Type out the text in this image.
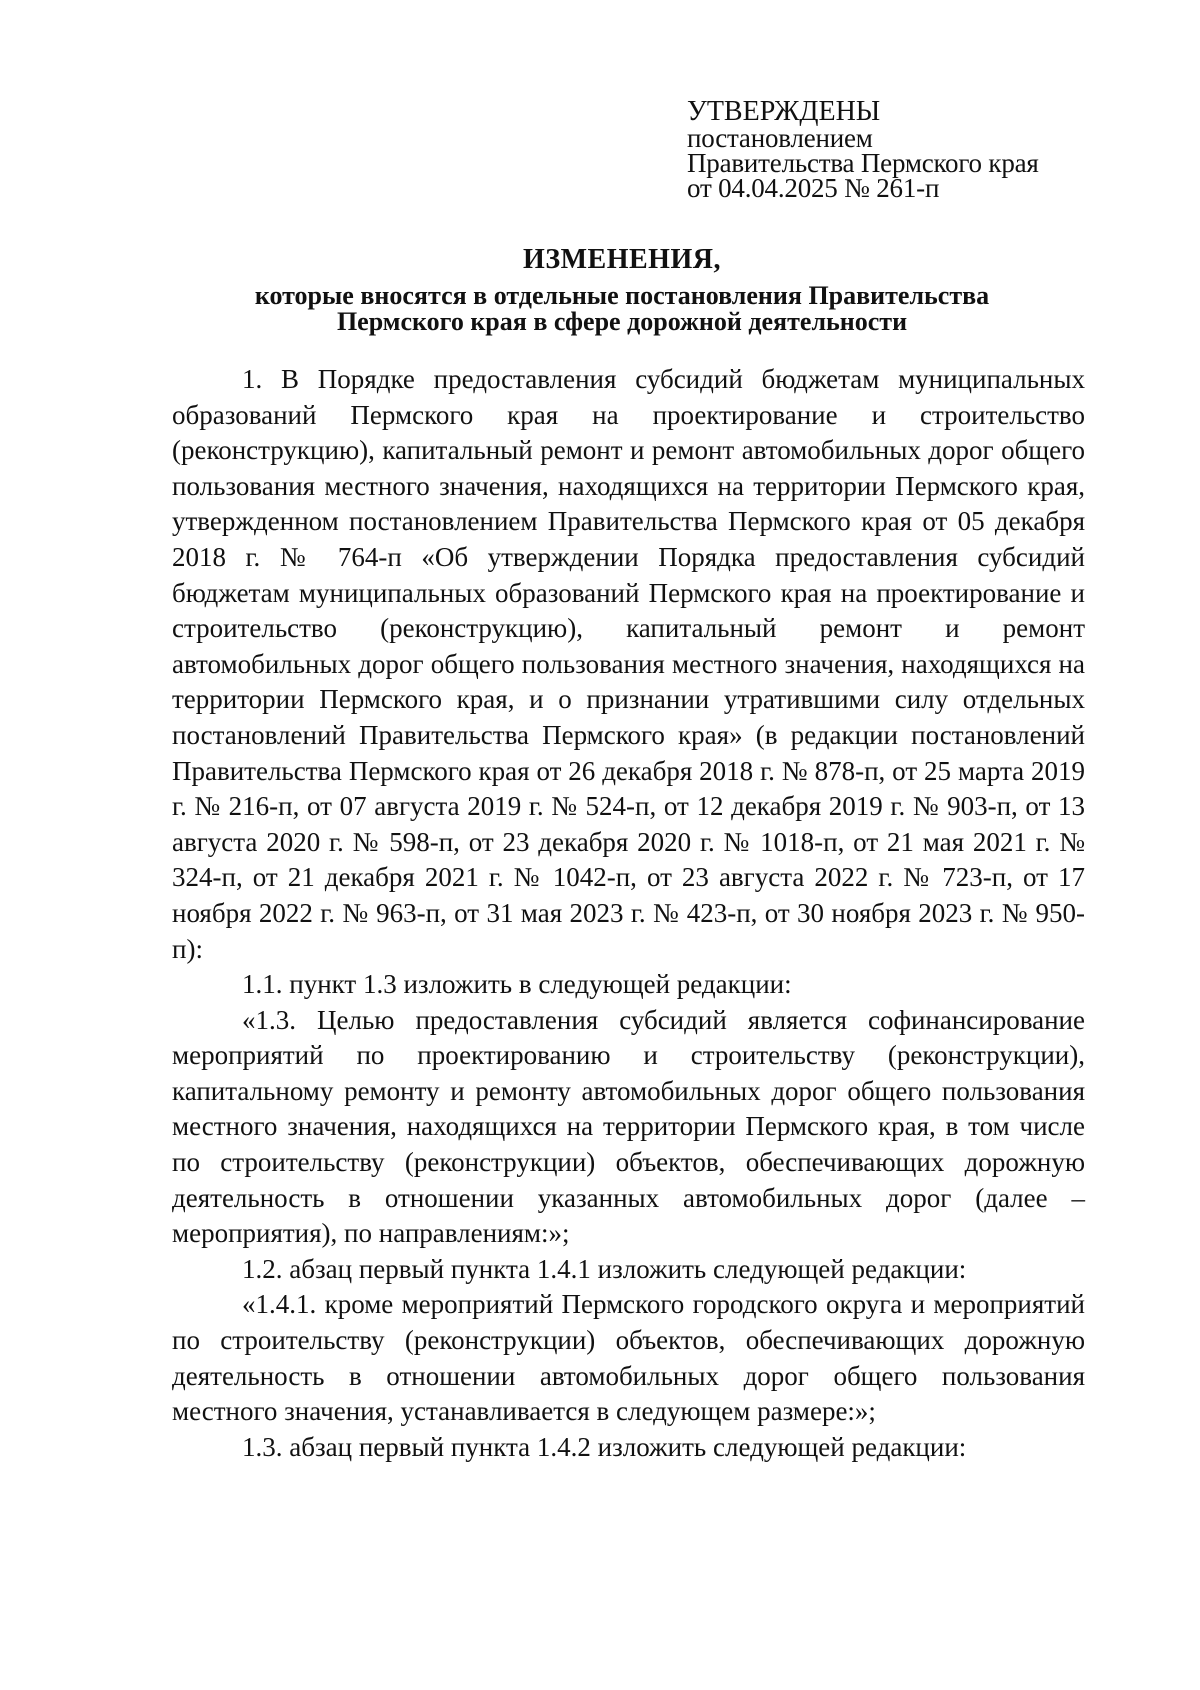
УТВЕРЖДЕНЫ
постановлением
Правительства Пермского края
от 04.04.2025 № 261-п
ИЗМЕНЕНИЯ,
которые вносятся в отдельные постановления Правительства
Пермского края в сфере дорожной деятельности

1. В Порядке предоставления субсидий бюджетам муниципальных образований Пермского края на проектирование и строительство (реконструкцию), капитальный ремонт и ремонт автомобильных дорог общего пользования местного значения, находящихся на территории Пермского края, утвержденном постановлением Правительства Пермского края от 05 декабря 2018 г. № 764-п «Об утверждении Порядка предоставления субсидий бюджетам муниципальных образований Пермского края на проектирование и строительство (реконструкцию), капитальный ремонт и ремонт автомобильных дорог общего пользования местного значения, находящихся на территории Пермского края, и о признании утратившими силу отдельных постановлений Правительства Пермского края» (в редакции постановлений Правительства Пермского края от 26 декабря 2018 г. № 878-п, от 25 марта 2019 г. № 216-п, от 07 августа 2019 г. № 524-п, от 12 декабря 2019 г. № 903-п, от 13 августа 2020 г. № 598-п, от 23 декабря 2020 г. № 1018-п, от 21 мая 2021 г. № 324-п, от 21 декабря 2021 г. № 1042-п, от 23 августа 2022 г. № 723-п, от 17 ноября 2022 г. № 963-п, от 31 мая 2023 г. № 423-п, от 30 ноября 2023 г. № 950-п):

1.1. пункт 1.3 изложить в следующей редакции:

«1.3. Целью предоставления субсидий является софинансирование мероприятий по проектированию и строительству (реконструкции), капитальному ремонту и ремонту автомобильных дорог общего пользования местного значения, находящихся на территории Пермского края, в том числе по строительству (реконструкции) объектов, обеспечивающих дорожную деятельность в отношении указанных автомобильных дорог (далее – мероприятия), по направлениям:»;

1.2. абзац первый пункта 1.4.1 изложить следующей редакции:

«1.4.1. кроме мероприятий Пермского городского округа и мероприятий по строительству (реконструкции) объектов, обеспечивающих дорожную деятельность в отношении автомобильных дорог общего пользования местного значения, устанавливается в следующем размере:»;

1.3. абзац первый пункта 1.4.2 изложить следующей редакции:
